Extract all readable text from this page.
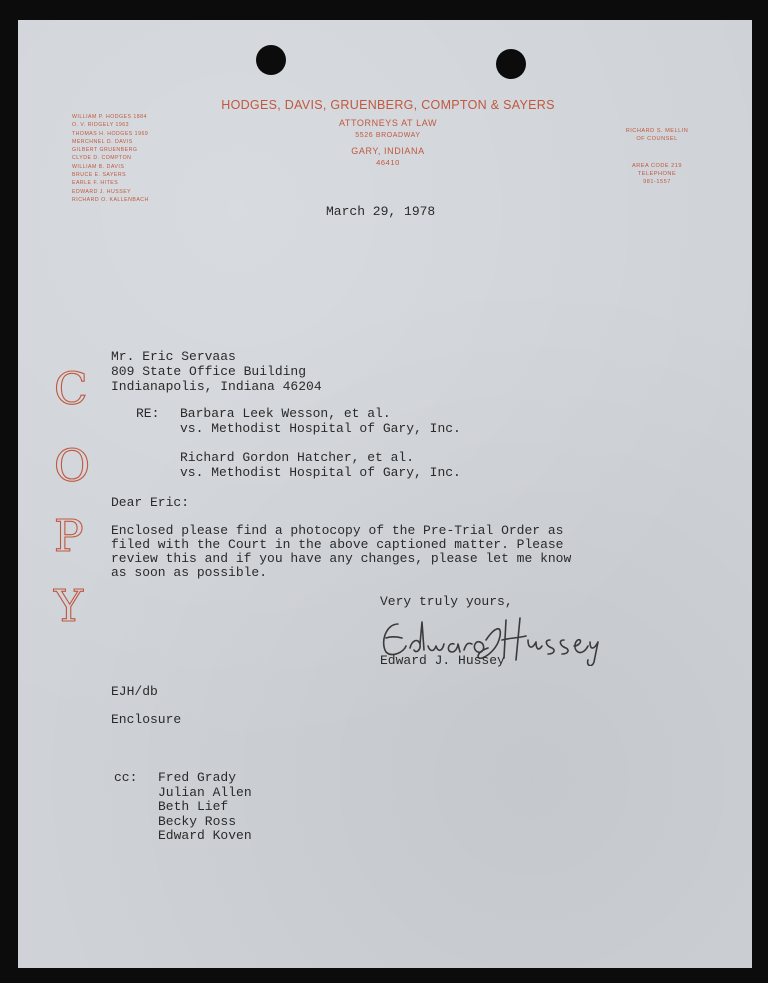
HODGES, DAVIS, GRUENBERG, COMPTON & SAYERS
ATTORNEYS AT LAW
5526 BROADWAY
GARY, INDIANA
46410
WILLIAM P. HODGES 1884
O. V. RIDGELY 1963
THOMAS H. HODGES 1969
MERCHNEL D. DAVIS
GILBERT GRUENBERG
CLYDE D. COMPTON
WILLIAM B. DAVIS
BRUCE E. SAYERS
EARLE F. HITES
EDWARD J. HUSSEY
RICHARD O. KALLENBACH
RICHARD S. MELLIN
OF COUNSEL
AREA CODE 219
TELEPHONE
981-1557
C
O
P
Y
March 29, 1978
Mr. Eric Servaas
809 State Office Building
Indianapolis, Indiana 46204
RE: Barbara Leek Wesson, et al.
vs. Methodist Hospital of Gary, Inc.
Richard Gordon Hatcher, et al.
vs. Methodist Hospital of Gary, Inc.
Dear Eric:
Enclosed please find a photocopy of the Pre-Trial Order as
filed with the Court in the above captioned matter. Please
review this and if you have any changes, please let me know
as soon as possible.
Very truly yours,
Edward J. Hussey
EJH/db
Enclosure
cc: Fred Grady
Julian Allen
Beth Lief
Becky Ross
Edward Koven
